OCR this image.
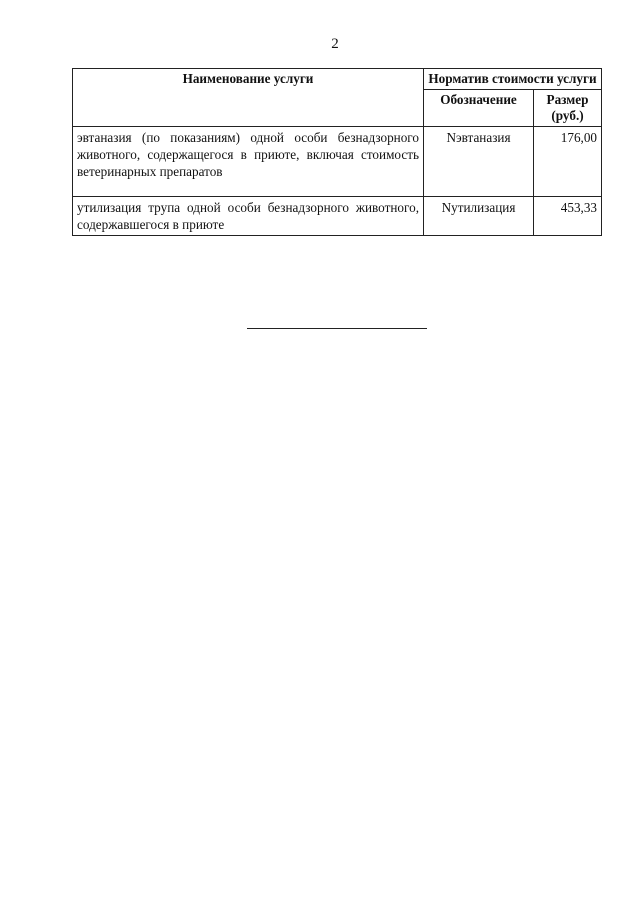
2
Наименование услуги	Норматив стоимости услуги	
	Обозначение	Размер (руб.)
эвтаназия (по показаниям) одной особи безнадзорного животного, содержащегося в приюте, включая стоимость ветеринарных препаратов	Nэвтаназия	176,00
утилизация трупа одной особи безнадзорного животного, содержавшегося в приюте	Nутилизация	453,33
